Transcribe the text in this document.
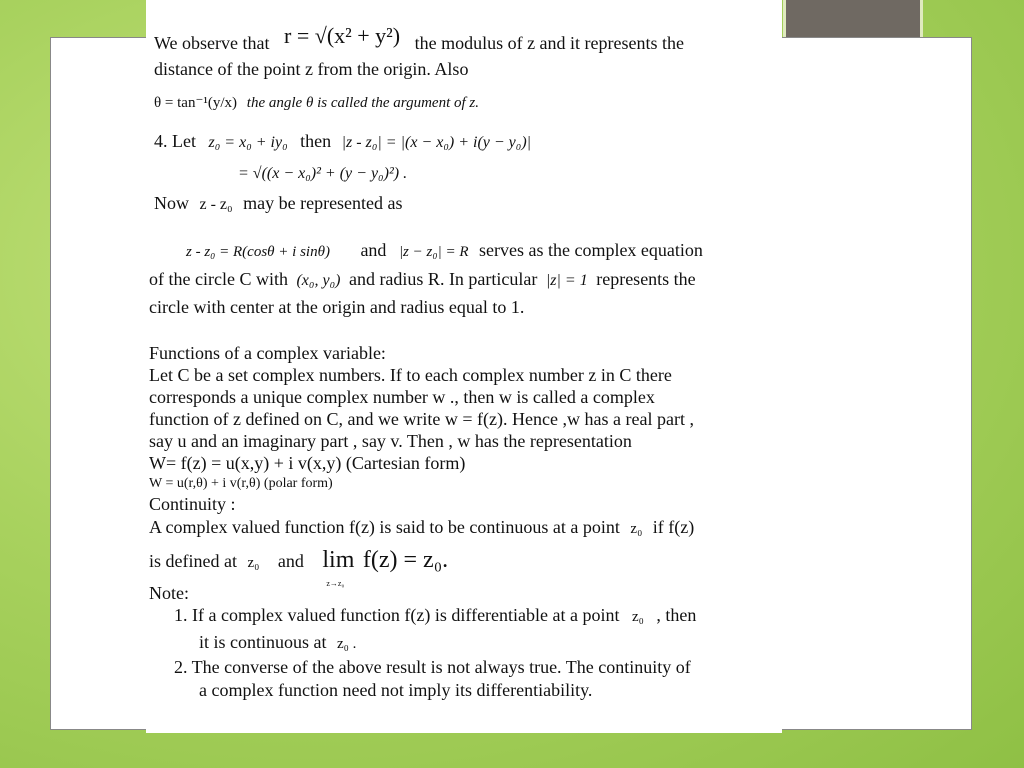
We observe that r = √(x² + y²) the modulus of z and it represents the
distance of the point z from the origin. Also
θ = tan⁻¹(y/x) the angle θ is called the argument of z.
4. Let z₀ = x₀ + iy₀ then |z - z₀| = |(x − x₀) + i(y − y₀)|
= √((x − x₀)² + (y − y₀)²) .
Now z - z₀ may be represented as
z - z₀ = R(cosθ + i sinθ) and |z − z₀| = R serves as the complex equation
of the circle C with (x₀, y₀) and radius R. In particular |z| = 1 represents the
circle with center at the origin and radius equal to 1.
Functions of a complex variable:
Let C be a set complex numbers. If to each complex number z in C there
corresponds a unique complex number w ., then w is called a complex
function of z defined on C, and we write w = f(z). Hence ,w has a real part ,
say u and an imaginary part , say v. Then , w has the representation
W= f(z) = u(x,y) + i v(x,y) (Cartesian form)
W = u(r,θ) + i v(r,θ) (polar form)
Continuity :
A complex valued function f(z) is said to be continuous at a point z₀ if f(z)
is defined at z₀ and lim
z→z₀
f(z) = z₀.
Note:
1. If a complex valued function f(z) is differentiable at a point z₀ , then
it is continuous at z₀ .
2. The converse of the above result is not always true. The continuity of
a complex function need not imply its differentiability.
